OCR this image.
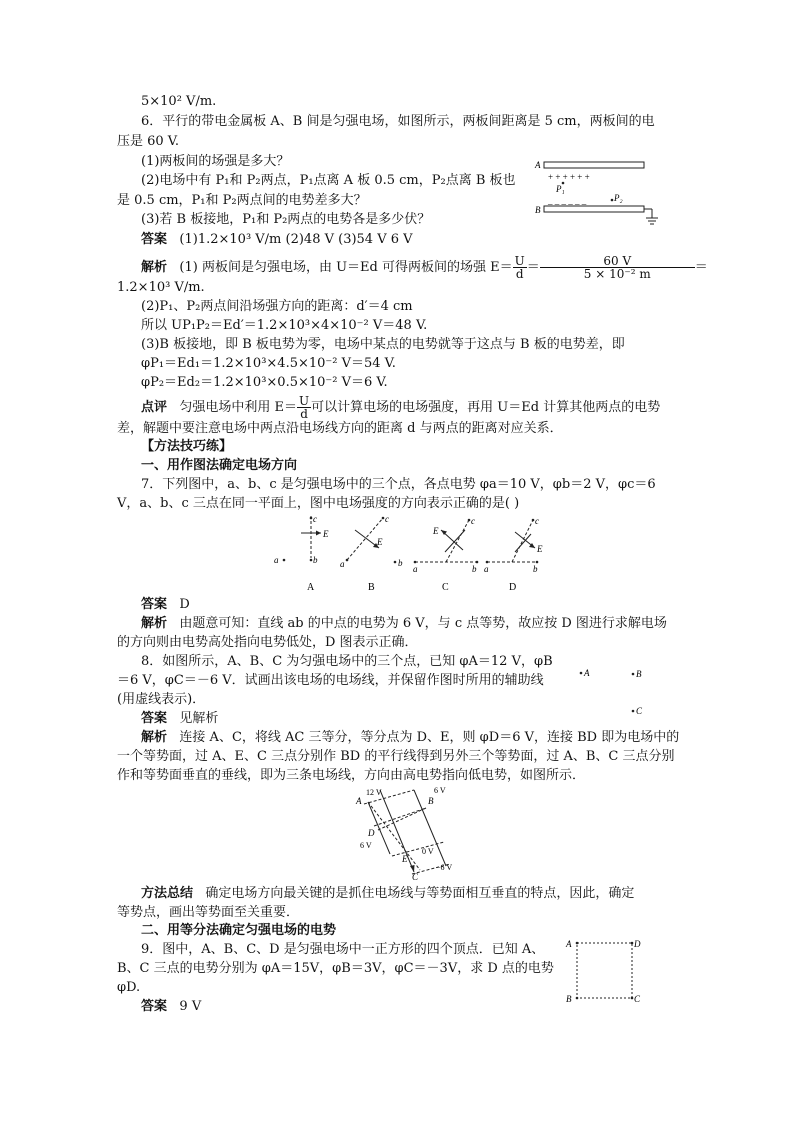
5×10² V/m.
6．平行的带电金属板 A、B 间是匀强电场，如图所示，两板间距离是 5 cm，两板间的电
压是 60 V.
(1)两板间的场强是多大？
(2)电场中有 P₁和 P₂两点，P₁点离 A 板 0.5 cm，P₂点离 B 板也
是 0.5 cm，P₁和 P₂两点间的电势差多大？
(3)若 B 板接地，P₁和 P₂两点的电势各是多少伏？
答案 (1)1.2×10³ V/m (2)48 V (3)54 V 6 V
解析 (1) 两板间是匀强电场，由 U＝Ed 可得两板间的场强 $E= \frac{U}{d} = \frac{60 V}{\text{5 × 10⁻² m}}$ ＝
1.2×10³ V/m.
(2)P₁、P₂两点间沿场强方向的距离：d′＝4 cm
所以 UP₁P₂＝Ed′＝1.2×10³×4×10⁻² V＝48 V.
(3)B 板接地，即 B 板电势为零，电场中某点的电势就等于这点与 B 板的电势差，即
φP₁＝Ed₁＝1.2×10³×4.5×10⁻² V＝54 V.
φP₂＝Ed₂＝1.2×10³×0.5×10⁻² V＝6 V.
点评 匀强电场中利用 $E= \frac{U}{d}$ 可以计算电场的电场强度，再用 U＝Ed 计算其他两点的电势
差，解题中要注意电场中两点沿电场线方向的距离 d 与两点的距离对应关系．
【方法技巧练】
一、用作图法确定电场方向
7．下列图中，a、b、c 是匀强电场中的三个点，各点电势 φa＝10 V，φb＝2 V，φc＝6
V，a、b、c 三点在同一平面上，图中电场强度的方向表示正确的是( )
答案 D
解析 由题意可知：直线 ab 的中点的电势为 6 V，与 c 点等势，故应按 D 图进行求解电场
的方向则由电势高处指向电势低处，D 图表示正确．
8．如图所示，A、B、C 为匀强电场中的三个点，已知 φA＝12 V，φB
＝6 V，φC＝－6 V．试画出该电场的电场线，并保留作图时所用的辅助线
(用虚线表示)．
答案 见解析
解析 连接 A、C，将线 AC 三等分，等分点为 D、E，则 φD＝6 V，连接 BD 即为电场中的
一个等势面，过 A、E、C 三点分别作 BD 的平行线得到另外三个等势面，过 A、B、C 三点分别
作和等势面垂直的垂线，即为三条电场线，方向由高电势指向低电势，如图所示．
方法总结 确定电场方向最关键的是抓住电场线与等势面相互垂直的特点，因此，确定
等势点，画出等势面至关重要．
二、用等分法确定匀强电场的电势
9．图中，A、B、C、D 是匀强电场中一正方形的四个顶点．已知 A、
B、C 三点的电势分别为 φA＝15V，φB＝3V，φC＝－3V，求 D 点的电势
φD.
答案 9 V
A
+ + + + + +
P₁
_ _ _ _ _ _	P₂
B
E
c
a	b
A
E
c
a	b
B
E
c
a	b
C
E
c
a	b
D
A	B
C
12 V	6 V
A	B
D
6 V
E
0 V
C
−6 V
A	D
B	C
